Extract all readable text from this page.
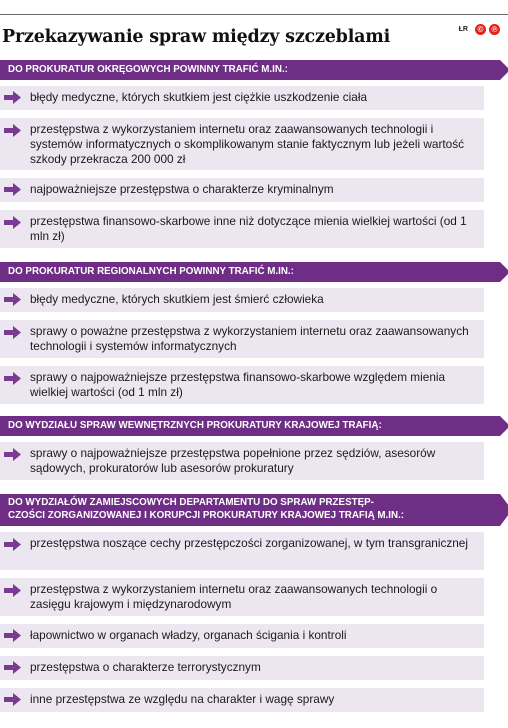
Przekazywanie spraw między szczeblami	ŁR	©	℗
DO PROKURATUR OKRĘGOWYCH POWINNY TRAFIĆ M.IN.:
błędy medyczne, których skutkiem jest ciężkie uszkodzenie ciała
przestępstwa z wykorzystaniem internetu oraz zaawansowanych technologii i systemów informatycznych o skomplikowanym stanie faktycznym lub jeżeli wartość szkody przekracza 200 000 zł
najpoważniejsze przestępstwa o charakterze kryminalnym
przestępstwa finansowo-skarbowe inne niż dotyczące mienia wielkiej wartości (od 1 mln zł)
DO PROKURATUR REGIONALNYCH POWINNY TRAFIĆ M.IN.:
błędy medyczne, których skutkiem jest śmierć człowieka
sprawy o poważne przestępstwa z wykorzystaniem internetu oraz zaawansowanych technologii i systemów informatycznych
sprawy o najpoważniejsze przestępstwa finansowo-skarbowe względem mienia wielkiej wartości (od 1 mln zł)
DO WYDZIAŁU SPRAW WEWNĘTRZNYCH PROKURATURY KRAJOWEJ TRAFIĄ:
sprawy o najpoważniejsze przestępstwa popełnione przez sędziów, asesorów sądowych, prokuratorów lub asesorów prokuratury
DO WYDZIAŁÓW ZAMIEJSCOWYCH DEPARTAMENTU DO SPRAW PRZESTĘP-
CZOŚCI ZORGANIZOWANEJ I KORUPCJI PROKURATURY KRAJOWEJ TRAFIĄ M.IN.:
przestępstwa noszące cechy przestępczości zorganizowanej, w tym transgranicznej
przestępstwa z wykorzystaniem internetu oraz zaawansowanych technologii o zasięgu krajowym i międzynarodowym
łapownictwo w organach władzy, organach ścigania i kontroli
przestępstwa o charakterze terrorystycznym
inne przestępstwa ze względu na charakter i wagę sprawy
